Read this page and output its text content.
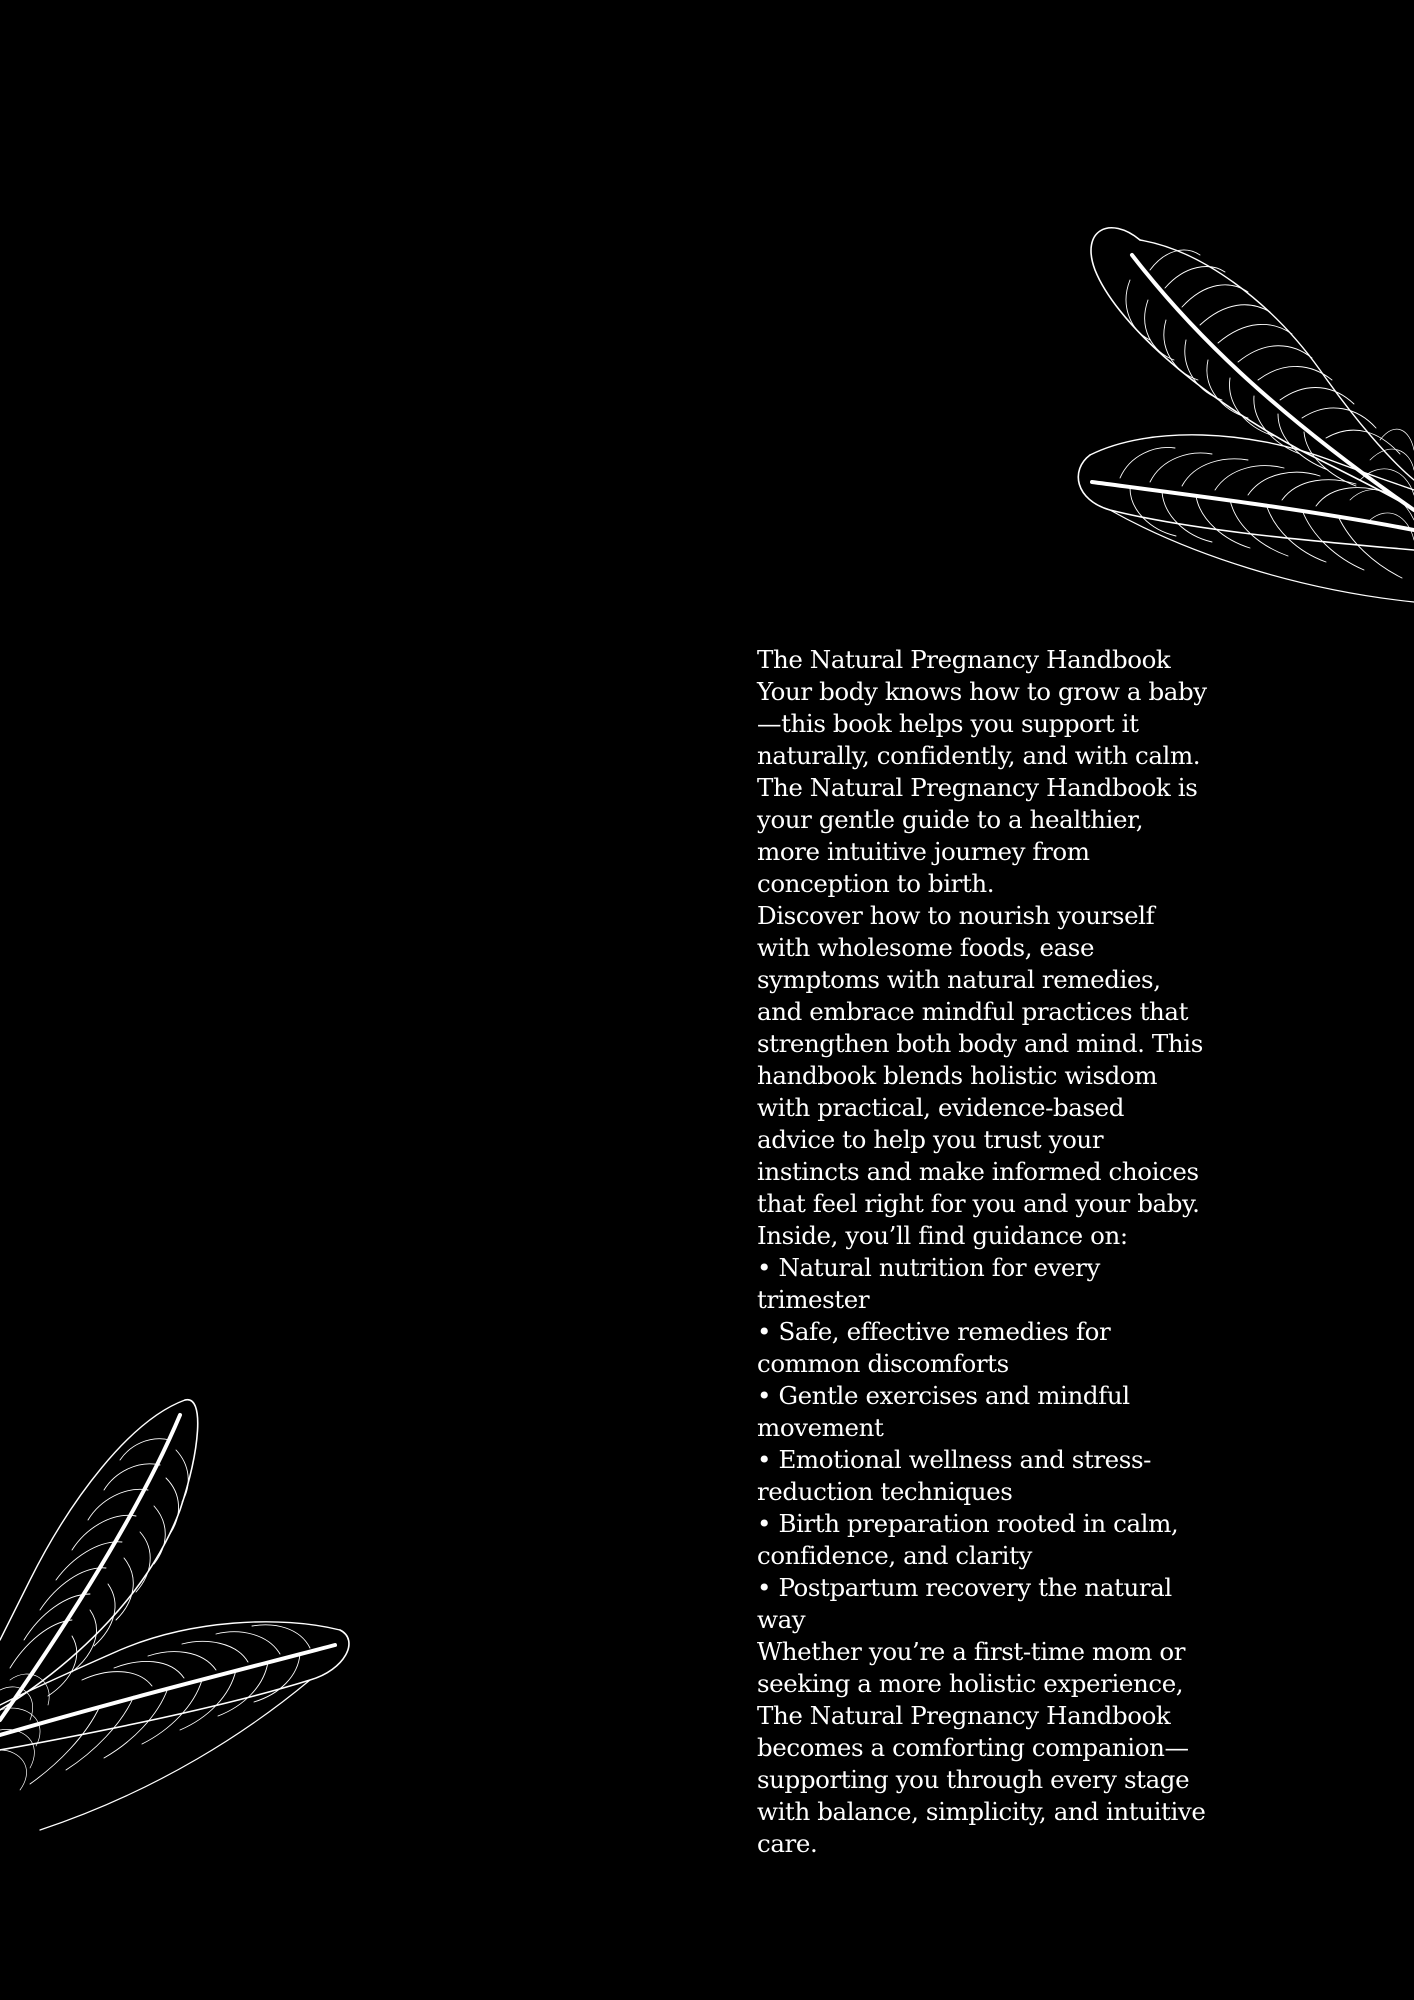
The Natural Pregnancy Handbook

Your body knows how to grow a baby—this book helps you support it naturally, confidently, and with calm.

The Natural Pregnancy Handbook is your gentle guide to a healthier, more intuitive journey from conception to birth.

Discover how to nourish yourself with wholesome foods, ease symptoms with natural remedies, and embrace mindful practices that strengthen both body and mind. This handbook blends holistic wisdom with practical, evidence-based advice to help you trust your instincts and make informed choices that feel right for you and your baby.

Inside, you’ll find guidance on:

• Natural nutrition for every trimester

• Safe, effective remedies for common discomforts

• Gentle exercises and mindful movement

• Emotional wellness and stress-reduction techniques

• Birth preparation rooted in calm, confidence, and clarity

• Postpartum recovery the natural way

Whether you’re a first-time mom or seeking a more holistic experience, The Natural Pregnancy Handbook becomes a comforting companion—supporting you through every stage with balance, simplicity, and intuitive care.
